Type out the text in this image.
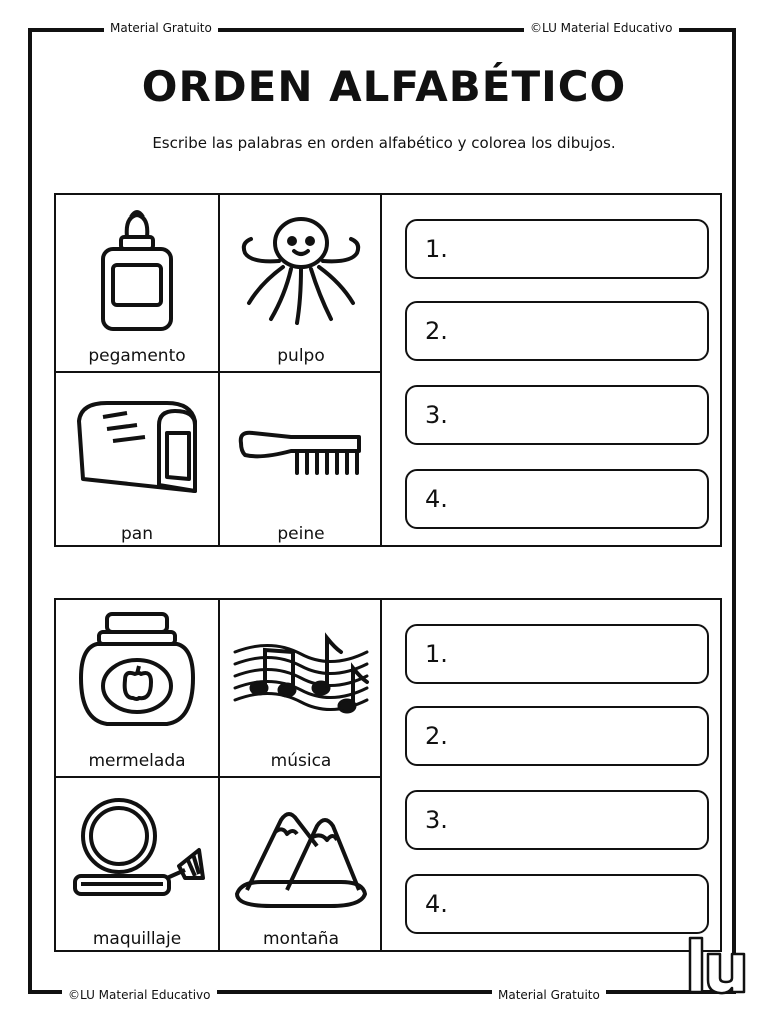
Material Gratuito	©LU Material Educativo
©LU Material Educativo	Material Gratuito
ORDEN ALFABÉTICO
Escribe las palabras en orden alfabético y colorea los dibujos.
pegamento	pulpo
pan	peine
1.
2.
3.
4.
mermelada	música
maquillaje	montaña
1.
2.
3.
4.
